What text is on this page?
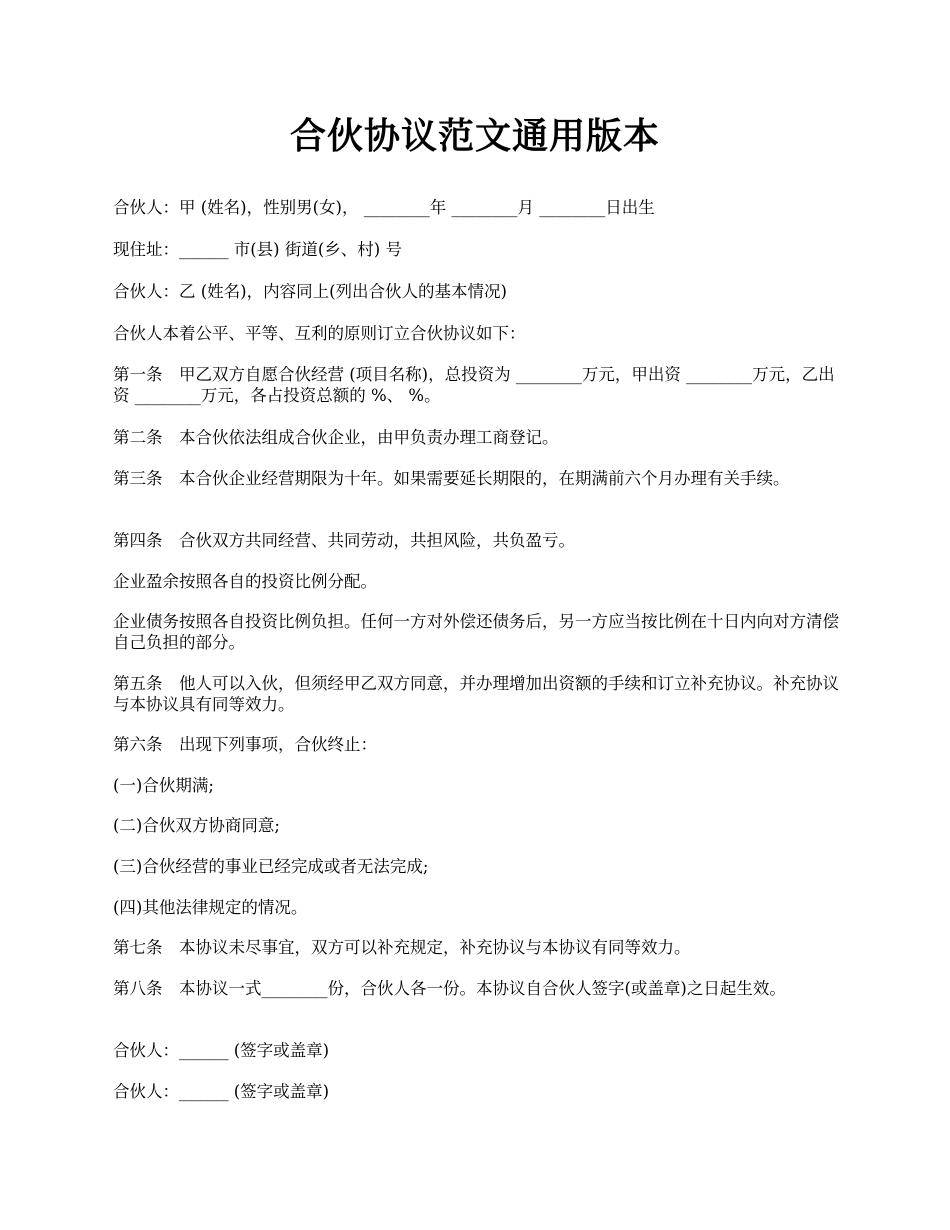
合伙协议范文通用版本

合伙人：甲 (姓名)，性别男(女)， ________年 ________月 ________日出生

现住址：______ 市(县) 街道(乡、村) 号

合伙人：乙 (姓名)，内容同上(列出合伙人的基本情况)

合伙人本着公平、平等、互利的原则订立合伙协议如下：

第一条　甲乙双方自愿合伙经营 (项目名称)，总投资为 ________万元，甲出资 ________万元，乙出资 ________万元，各占投资总额的 %、 %。

第二条　本合伙依法组成合伙企业，由甲负责办理工商登记。

第三条　本合伙企业经营期限为十年。如果需要延长期限的，在期满前六个月办理有关手续。

第四条　合伙双方共同经营、共同劳动，共担风险，共负盈亏。

企业盈余按照各自的投资比例分配。

企业债务按照各自投资比例负担。任何一方对外偿还债务后，另一方应当按比例在十日内向对方清偿自己负担的部分。

第五条　他人可以入伙，但须经甲乙双方同意，并办理增加出资额的手续和订立补充协议。补充协议与本协议具有同等效力。

第六条　出现下列事项，合伙终止：

(一)合伙期满;

(二)合伙双方协商同意;

(三)合伙经营的事业已经完成或者无法完成;

(四)其他法律规定的情况。

第七条　本协议未尽事宜，双方可以补充规定，补充协议与本协议有同等效力。

第八条　本协议一式________份，合伙人各一份。本协议自合伙人签字(或盖章)之日起生效。

合伙人：______ (签字或盖章)

合伙人：______ (签字或盖章)
